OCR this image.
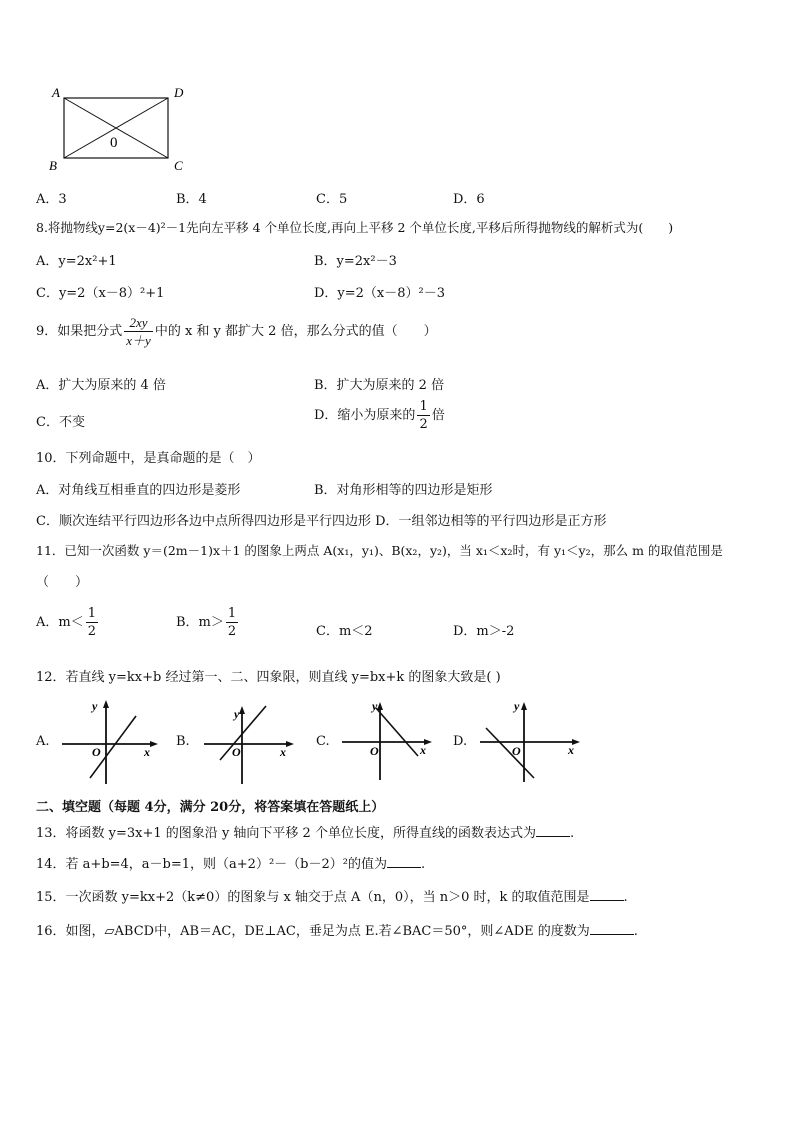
A	D
B	C
0
A．3	B．4	C．5	D．6
8.将抛物线y=2(x－4)²－1先向左平移 4 个单位长度,再向上平移 2 个单位长度,平移后所得抛物线的解析式为(　　)
A．y=2x²+1	B．y=2x²－3
C．y=2（x－8）²+1	D．y=2（x－8）²－3
9．如果把分式 $\frac{2xy}{x+y}$ 中的 x 和 y 都扩大 2 倍，那么分式的值（　　）
A．扩大为原来的 4 倍	B．扩大为原来的 2 倍
C．不变	D．缩小为原来的 $\frac{1}{2}$ 倍
10．下列命题中，是真命题的是（　）
A．对角线互相垂直的四边形是菱形	B．对角形相等的四边形是矩形
C．顺次连结平行四边形各边中点所得四边形是平行四边形 D．一组邻边相等的平行四边形是正方形
11．已知一次函数 y＝(2m－1)x＋1 的图象上两点 A(x₁，y₁)、B(x₂，y₂)，当 x₁＜x₂时，有 y₁＜y₂，那么 m 的取值范围是
（　　）
A．$m< \frac{1}{2}$	B．$m> \frac{1}{2}$	C．m＜2	D．m＞-2
12．若直线 y=kx+b 经过第一、二、四象限，则直线 y=bx+k 的图象大致是( )
A.	B.	C.	D.
y
x
O
y
x
O
y
x
O
y
x
O
二、填空题（每题 4分，满分 20分，将答案填在答题纸上）
13．将函数 y=3x+1 的图象沿 y 轴向下平移 2 个单位长度，所得直线的函数表达式为	.
14．若 a+b=4，a－b=1，则（a+2）²－（b－2）²的值为	.
15．一次函数 y=kx+2（k≠0）的图象与 x 轴交于点 A（n，0），当 n＞0 时，k 的取值范围是	.
16．如图，▱ABCD中，AB＝AC，DE⊥AC，垂足为点 E.若∠BAC＝50°，则∠ADE 的度数为	.
